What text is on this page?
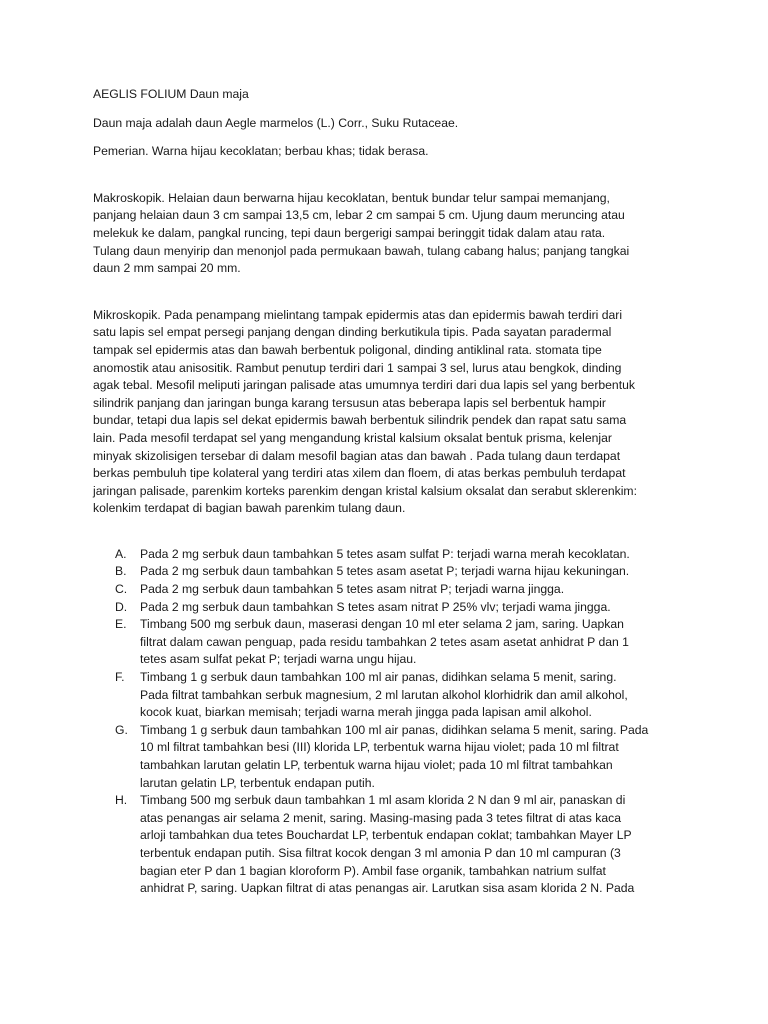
AEGLIS FOLIUM Daun maja

Daun maja adalah daun Aegle marmelos (L.) Corr., Suku Rutaceae.

Pemerian. Warna hijau kecoklatan; berbau khas; tidak berasa.

Makroskopik. Helaian daun berwarna hijau kecoklatan, bentuk bundar telur sampai memanjang,
panjang helaian daun 3 cm sampai 13,5 cm, lebar 2 cm sampai 5 cm. Ujung daum meruncing atau
melekuk ke dalam, pangkal runcing, tepi daun bergerigi sampai beringgit tidak dalam atau rata.
Tulang daun menyirip dan menonjol pada permukaan bawah, tulang cabang halus; panjang tangkai
daun 2 mm sampai 20 mm.
Mikroskopik. Pada penampang mielintang tampak epidermis atas dan epidermis bawah terdiri dari
satu lapis sel empat persegi panjang dengan dinding berkutikula tipis. Pada sayatan paradermal
tampak sel epidermis atas dan bawah berbentuk poligonal, dinding antiklinal rata. stomata tipe
anomostik atau anisositik. Rambut penutup terdiri dari 1 sampai 3 sel, lurus atau bengkok, dinding
agak tebal. Mesofil meliputi jaringan palisade atas umumnya terdiri dari dua lapis sel yang berbentuk
silindrik panjang dan jaringan bunga karang tersusun atas beberapa lapis sel berbentuk hampir
bundar, tetapi dua lapis sel dekat epidermis bawah berbentuk silindrik pendek dan rapat satu sama
lain. Pada mesofil terdapat sel yang mengandung kristal kalsium oksalat bentuk prisma, kelenjar
minyak skizolisigen tersebar di dalam mesofil bagian atas dan bawah . Pada tulang daun terdapat
berkas pembuluh tipe kolateral yang terdiri atas xilem dan floem, di atas berkas pembuluh terdapat
jaringan palisade, parenkim korteks parenkim dengan kristal kalsium oksalat dan serabut sklerenkim:
kolenkim terdapat di bagian bawah parenkim tulang daun.
A. Pada 2 mg serbuk daun tambahkan 5 tetes asam sulfat P: terjadi warna merah kecoklatan.
B. Pada 2 mg serbuk daun tambahkan 5 tetes asam asetat P; terjadi warna hijau kekuningan.
C. Pada 2 mg serbuk daun tambahkan 5 tetes asam nitrat P; terjadi warna jingga.
D. Pada 2 mg serbuk daun tambahkan S tetes asam nitrat P 25% vlv; terjadi wama jingga.
E. Timbang 500 mg serbuk daun, maserasi dengan 10 ml eter selama 2 jam, saring. Uapkan
filtrat dalam cawan penguap, pada residu tambahkan 2 tetes asam asetat anhidrat P dan 1
tetes asam sulfat pekat P; terjadi warna ungu hijau.
F. Timbang 1 g serbuk daun tambahkan 100 ml air panas, didihkan selama 5 menit, saring.
Pada filtrat tambahkan serbuk magnesium, 2 ml larutan alkohol klorhidrik dan amil alkohol,
kocok kuat, biarkan memisah; terjadi warna merah jingga pada lapisan amil alkohol.
G. Timbang 1 g serbuk daun tambahkan 100 ml air panas, didihkan selama 5 menit, saring. Pada
10 ml filtrat tambahkan besi (III) klorida LP, terbentuk warna hijau violet; pada 10 ml filtrat
tambahkan larutan gelatin LP, terbentuk warna hijau violet; pada 10 ml filtrat tambahkan
larutan gelatin LP, terbentuk endapan putih.
H. Timbang 500 mg serbuk daun tambahkan 1 ml asam klorida 2 N dan 9 ml air, panaskan di
atas penangas air selama 2 menit, saring. Masing-masing pada 3 tetes filtrat di atas kaca
arloji tambahkan dua tetes Bouchardat LP, terbentuk endapan coklat; tambahkan Mayer LP
terbentuk endapan putih. Sisa filtrat kocok dengan 3 ml amonia P dan 10 ml campuran (3
bagian eter P dan 1 bagian kloroform P). Ambil fase organik, tambahkan natrium sulfat
anhidrat P, saring. Uapkan filtrat di atas penangas air. Larutkan sisa asam klorida 2 N. Pada
